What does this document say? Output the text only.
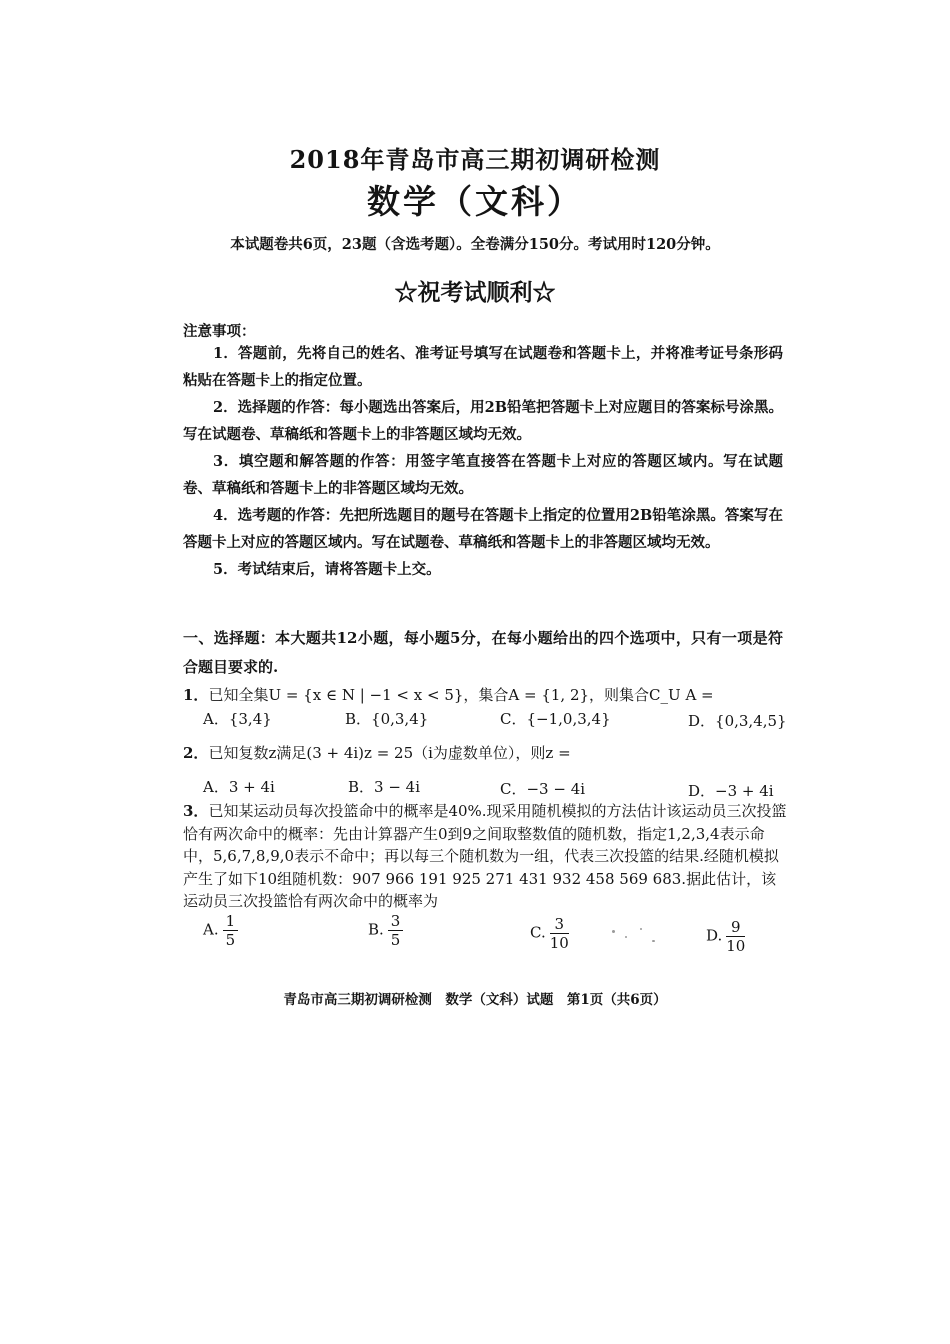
2018年青岛市高三期初调研检测
数学（文科）
本试题卷共6页，23题（含选考题）。全卷满分150分。考试用时120分钟。
☆祝考试顺利☆
注意事项：

1．答题前，先将自己的姓名、准考证号填写在试题卷和答题卡上，并将准考证号条形码粘贴在答题卡上的指定位置。

2．选择题的作答：每小题选出答案后，用2B铅笔把答题卡上对应题目的答案标号涂黑。写在试题卷、草稿纸和答题卡上的非答题区域均无效。

3．填空题和解答题的作答：用签字笔直接答在答题卡上对应的答题区域内。写在试题卷、草稿纸和答题卡上的非答题区域均无效。

4．选考题的作答：先把所选题目的题号在答题卡上指定的位置用2B铅笔涂黑。答案写在答题卡上对应的答题区域内。写在试题卷、草稿纸和答题卡上的非答题区域均无效。

5．考试结束后，请将答题卡上交。

一、选择题：本大题共12小题，每小题5分，在每小题给出的四个选项中，只有一项是符合题目要求的.
1．已知全集U = {x ∈ N | −1 < x < 5}，集合A = {1, 2}，则集合C_U A =
A．{3,4}	B．{0,3,4}	C．{−1,0,3,4}	D．{0,3,4,5}
2．已知复数z满足(3 + 4i)z = 25（i为虚数单位），则z =
A．3 + 4i	B．3 − 4i	C．−3 − 4i	D．−3 + 4i
3．已知某运动员每次投篮命中的概率是40%.现采用随机模拟的方法估计该运动员三次投篮恰有两次命中的概率：先由计算器产生0到9之间取整数值的随机数，指定1,2,3,4表示命中，5,6,7,8,9,0表示不命中；再以每三个随机数为一组，代表三次投篮的结果.经随机模拟产生了如下10组随机数：907 966 191 925 271 431 932 458 569 683.据此估计，该运动员三次投篮恰有两次命中的概率为
A. $\frac{1}{5}$	B. $\frac{3}{5}$	C. $\frac{3}{10}$	D. $\frac{9}{10}$
青岛市高三期初调研检测　数学（文科）试题　第1页（共6页）
